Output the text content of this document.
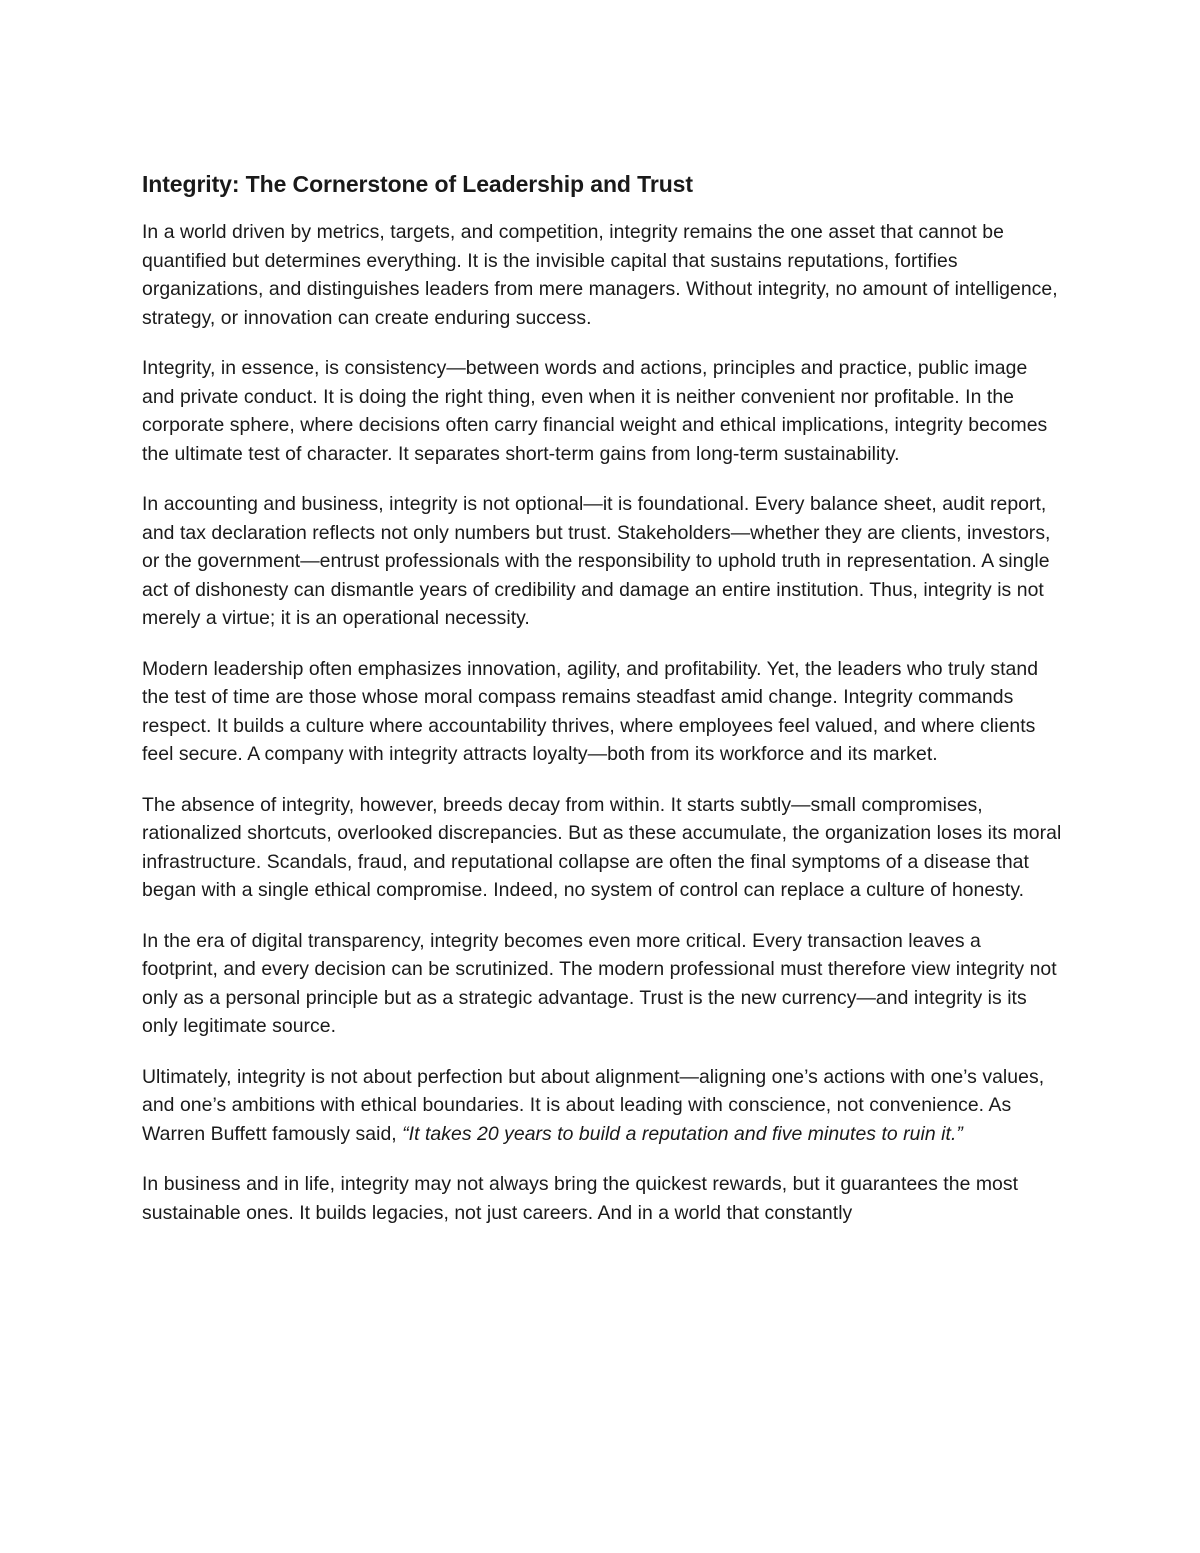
Integrity: The Cornerstone of Leadership and Trust

In a world driven by metrics, targets, and competition, integrity remains the one asset that cannot be quantified but determines everything. It is the invisible capital that sustains reputations, fortifies organizations, and distinguishes leaders from mere managers. Without integrity, no amount of intelligence, strategy, or innovation can create enduring success.

Integrity, in essence, is consistency—between words and actions, principles and practice, public image and private conduct. It is doing the right thing, even when it is neither convenient nor profitable. In the corporate sphere, where decisions often carry financial weight and ethical implications, integrity becomes the ultimate test of character. It separates short-term gains from long-term sustainability.

In accounting and business, integrity is not optional—it is foundational. Every balance sheet, audit report, and tax declaration reflects not only numbers but trust. Stakeholders—whether they are clients, investors, or the government—entrust professionals with the responsibility to uphold truth in representation. A single act of dishonesty can dismantle years of credibility and damage an entire institution. Thus, integrity is not merely a virtue; it is an operational necessity.

Modern leadership often emphasizes innovation, agility, and profitability. Yet, the leaders who truly stand the test of time are those whose moral compass remains steadfast amid change. Integrity commands respect. It builds a culture where accountability thrives, where employees feel valued, and where clients feel secure. A company with integrity attracts loyalty—both from its workforce and its market.

The absence of integrity, however, breeds decay from within. It starts subtly—small compromises, rationalized shortcuts, overlooked discrepancies. But as these accumulate, the organization loses its moral infrastructure. Scandals, fraud, and reputational collapse are often the final symptoms of a disease that began with a single ethical compromise. Indeed, no system of control can replace a culture of honesty.

In the era of digital transparency, integrity becomes even more critical. Every transaction leaves a footprint, and every decision can be scrutinized. The modern professional must therefore view integrity not only as a personal principle but as a strategic advantage. Trust is the new currency—and integrity is its only legitimate source.

Ultimately, integrity is not about perfection but about alignment—aligning one’s actions with one’s values, and one’s ambitions with ethical boundaries. It is about leading with conscience, not convenience. As Warren Buffett famously said, “It takes 20 years to build a reputation and five minutes to ruin it.”

In business and in life, integrity may not always bring the quickest rewards, but it guarantees the most sustainable ones. It builds legacies, not just careers. And in a world that constantly
